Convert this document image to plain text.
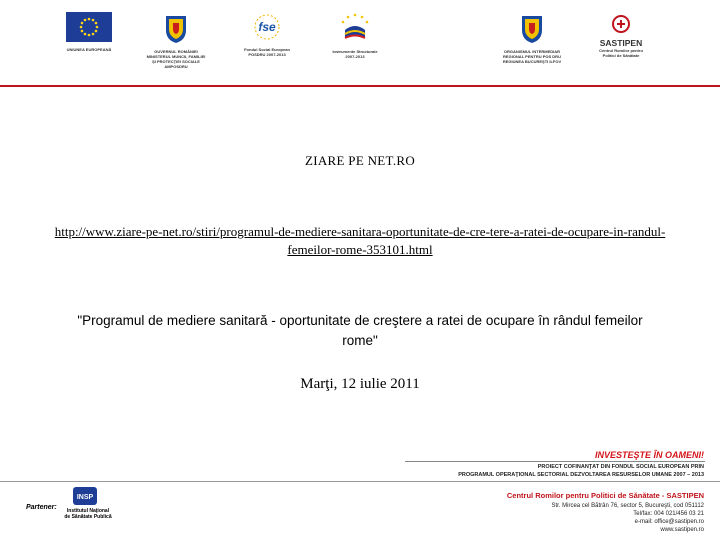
UNIUNEA EUROPEANĂ	GUVERNUL ROMÂNIEI
MINISTERUL MUNCII, FAMILIEI
ŞI PROTECŢIEI SOCIALE
AMPOSDRU
fse
Fondul Social European
POSDRU 2007-2013
Instrumente Structurale
2007-2013
ORGANISMUL INTERMEDIAR
REGIONAL PENTRU POS DRU
REGIUNEA BUCUREŞTI ILFOV
SASTIPEN
Centrul Romilor pentru
Politici de Sănătate
ZIARE PE NET.RO
http://www.ziare-pe-net.ro/stiri/programul-de-mediere-sanitara-oportunitate-de-cre-tere-a-ratei-de-ocupare-in-randul-femeilor-rome-353101.html
"Programul de mediere sanitară - oportunitate de creştere a ratei de ocupare în rândul femeilor rome"
Marţi, 12 iulie 2011
INVESTEŞTE ÎN OAMENI!
PROIECT COFINANŢAT DIN FONDUL SOCIAL EUROPEAN PRIN
PROGRAMUL OPERAŢIONAL SECTORIAL DEZVOLTAREA RESURSELOR UMANE 2007 – 2013
Partener:
INSP
Institutul Naţional
de Sănătate Publică
Centrul Romilor pentru Politici de Sănătate - SASTIPEN
Str. Mircea cel Bătrân 76, sector 5, Bucureşti, cod 051112
Tel/fax: 004 021/456 03 21
e-mail: office@sastipen.ro
www.sastipen.ro
